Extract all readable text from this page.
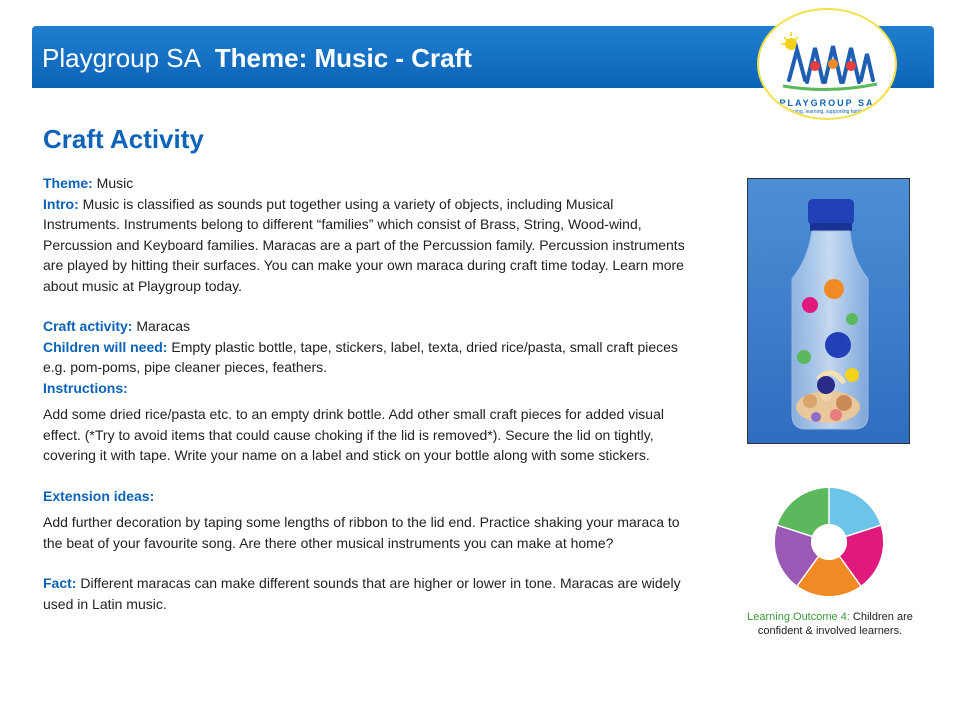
Playgroup SA Theme: Music - Craft
PLAYGROUP SA
Playing, learning, supporting families
Craft Activity

Theme: Music

Intro: Music is classified as sounds put together using a variety of objects, including Musical Instruments. Instruments belong to different “families” which consist of Brass, String, Wood-wind, Percussion and Keyboard families. Maracas are a part of the Percussion family. Percussion instruments are played by hitting their surfaces. You can make your own maraca during craft time today. Learn more about music at Playgroup today.

Craft activity: Maracas

Children will need: Empty plastic bottle, tape, stickers, label, texta, dried rice/pasta, small craft pieces e.g. pom-poms, pipe cleaner pieces, feathers.

Instructions:

Add some dried rice/pasta etc. to an empty drink bottle. Add other small craft pieces for added visual effect. (*Try to avoid items that could cause choking if the lid is removed*). Secure the lid on tightly, covering it with tape. Write your name on a label and stick on your bottle along with some stickers.

Extension ideas:

Add further decoration by taping some lengths of ribbon to the lid end. Practice shaking your maraca to the beat of your favourite song. Are there other musical instruments you can make at home?

Fact: Different maracas can make different sounds that are higher or lower in tone. Maracas are widely used in Latin music.

Learning Outcome 4: Children are confident & involved learners.
